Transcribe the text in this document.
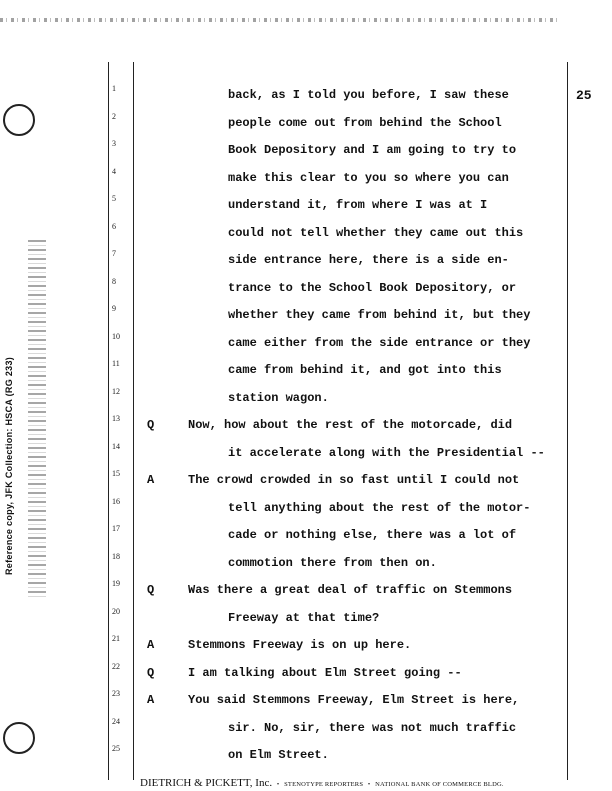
Reference copy, JFK Collection: HSCA (RG 233)
25
1
2
3
4
5
6
7
8
9
10
11
12
13
14
15
16
17
18
19
20
21
22
23
24
25
back, as I told you before, I saw these
people come out from behind the School
Book Depository and I am going to try to
make this clear to you so where you can
understand it, from where I was at I
could not tell whether they came out this
side entrance here, there is a side en-
trance to the School Book Depository, or
whether they came from behind it, but they
came either from the side entrance or they
came from behind it, and got into this
station wagon.
Q	Now, how about the rest of the motorcade, did
it accelerate along with the Presidential --
A	The crowd crowded in so fast until I could not
tell anything about the rest of the motor-
cade or nothing else, there was a lot of
commotion there from then on.
Q	Was there a great deal of traffic on Stemmons
Freeway at that time?
A	Stemmons Freeway is on up here.
Q	I am talking about Elm Street going --
A	You said Stemmons Freeway, Elm Street is here,
sir. No, sir, there was not much traffic
on Elm Street.
DIETRICH & PICKETT, Inc. • STENOTYPE REPORTERS • NATIONAL BANK OF COMMERCE BLDG.
